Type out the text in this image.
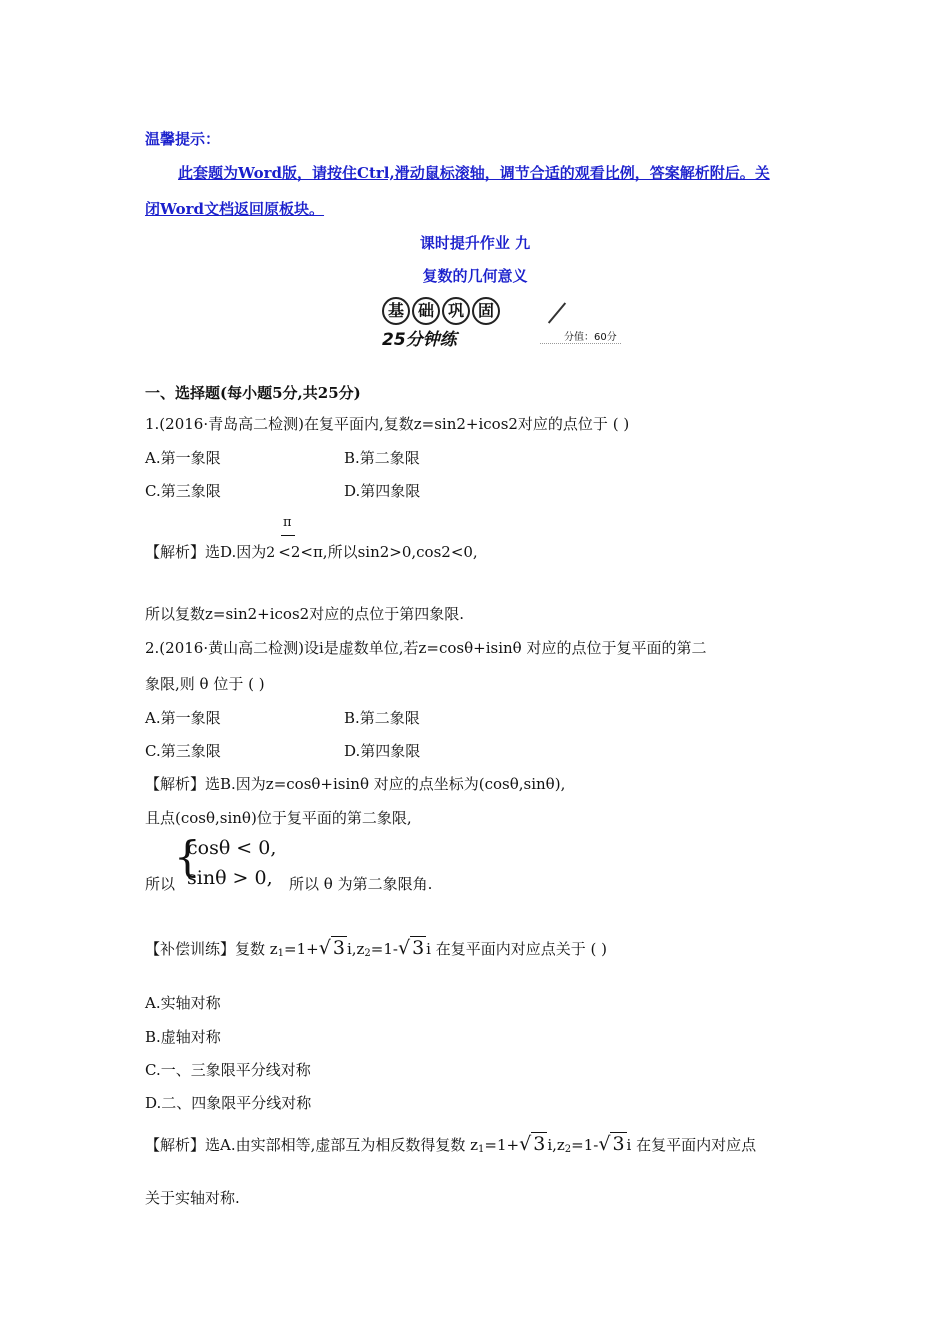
温馨提示：
此套题为Word版，请按住Ctrl,滑动鼠标滚轴，调节合适的观看比例，答案解析附后。关
闭Word文档返回原板块。
课时提升作业 九
复数的几何意义
基 础 巩 固 25分钟练	分值：60分
一、选择题(每小题5分,共25分)
1.(2016·青岛高二检测)在复平面内,复数z=sin2+icos2对应的点位于 ( )
A.第一象限	B.第二象限
C.第三象限	D.第四象限
π
【解析】选D.因为2 <2<π,所以sin2>0,cos2<0,
所以复数z=sin2+icos2对应的点位于第四象限.
2.(2016·黄山高二检测)设i是虚数单位,若z=cosθ+isinθ 对应的点位于复平面的第二
象限,则 θ 位于 ( )
A.第一象限	B.第二象限
C.第三象限	D.第四象限
【解析】选B.因为z=cosθ+isinθ 对应的点坐标为(cosθ,sinθ),
且点(cosθ,sinθ)位于复平面的第二象限,
所以
{
cosθ < 0,
sinθ > 0, 所以 θ 为第二象限角.
【补偿训练】复数 $z_1=1+√$ 3 $i,z_2=1-√$ 3 i 在复平面内对应点关于 ( )
A.实轴对称
B.虚轴对称
C.一、三象限平分线对称
D.二、四象限平分线对称
【解析】选A.由实部相等,虚部互为相反数得复数 $z_1=1+√$ 3 $i,z_2=1-√$ 3 i 在复平面内对应点
关于实轴对称.
